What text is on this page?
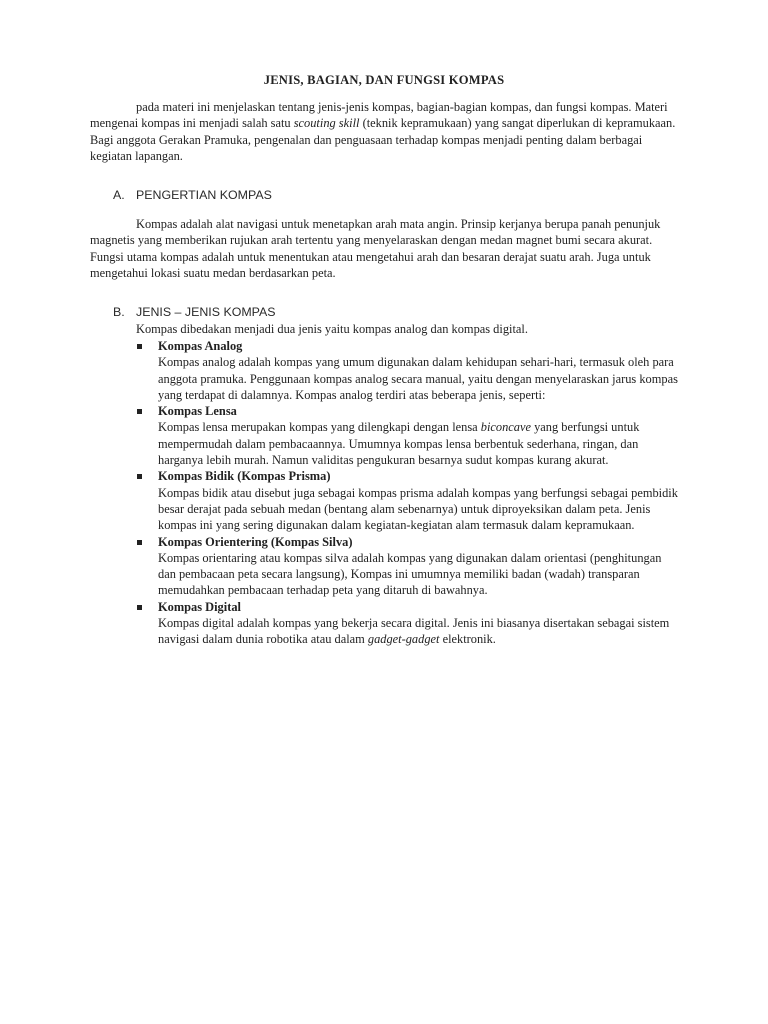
JENIS, BAGIAN, DAN FUNGSI KOMPAS

pada materi ini menjelaskan tentang jenis-jenis kompas, bagian-bagian kompas, dan fungsi kompas. Materi mengenai kompas ini menjadi salah satu scouting skill (teknik kepramukaan) yang sangat diperlukan di kepramukaan. Bagi anggota Gerakan Pramuka, pengenalan dan penguasaan terhadap kompas menjadi penting dalam berbagai kegiatan lapangan.

A. PENGERTIAN KOMPAS

Kompas adalah alat navigasi untuk menetapkan arah mata angin. Prinsip kerjanya berupa panah penunjuk magnetis yang memberikan rujukan arah tertentu yang menyelaraskan dengan medan magnet bumi secara akurat. Fungsi utama kompas adalah untuk menentukan atau mengetahui arah dan besaran derajat suatu arah. Juga untuk mengetahui lokasi suatu medan berdasarkan peta.

B. JENIS – JENIS KOMPAS

Kompas dibedakan menjadi dua jenis yaitu kompas analog dan kompas digital.

Kompas Analog
Kompas analog adalah kompas yang umum digunakan dalam kehidupan sehari-hari, termasuk oleh para anggota pramuka. Penggunaan kompas analog secara manual, yaitu dengan menyelaraskan jarus kompas yang terdapat di dalamnya. Kompas analog terdiri atas beberapa jenis, seperti:
Kompas Lensa
Kompas lensa merupakan kompas yang dilengkapi dengan lensa biconcave yang berfungsi untuk mempermudah dalam pembacaannya. Umumnya kompas lensa berbentuk sederhana, ringan, dan harganya lebih murah. Namun validitas pengukuran besarnya sudut kompas kurang akurat.
Kompas Bidik (Kompas Prisma)
Kompas bidik atau disebut juga sebagai kompas prisma adalah kompas yang berfungsi sebagai pembidik besar derajat pada sebuah medan (bentang alam sebenarnya) untuk diproyeksikan dalam peta. Jenis kompas ini yang sering digunakan dalam kegiatan-kegiatan alam termasuk dalam kepramukaan.
Kompas Orientering (Kompas Silva)
Kompas orientaring atau kompas silva adalah kompas yang digunakan dalam orientasi (penghitungan dan pembacaan peta secara langsung), Kompas ini umumnya memiliki badan (wadah) transparan memudahkan pembacaan terhadap peta yang ditaruh di bawahnya.
Kompas Digital
Kompas digital adalah kompas yang bekerja secara digital. Jenis ini biasanya disertakan sebagai sistem navigasi dalam dunia robotika atau dalam gadget-gadget elektronik.
